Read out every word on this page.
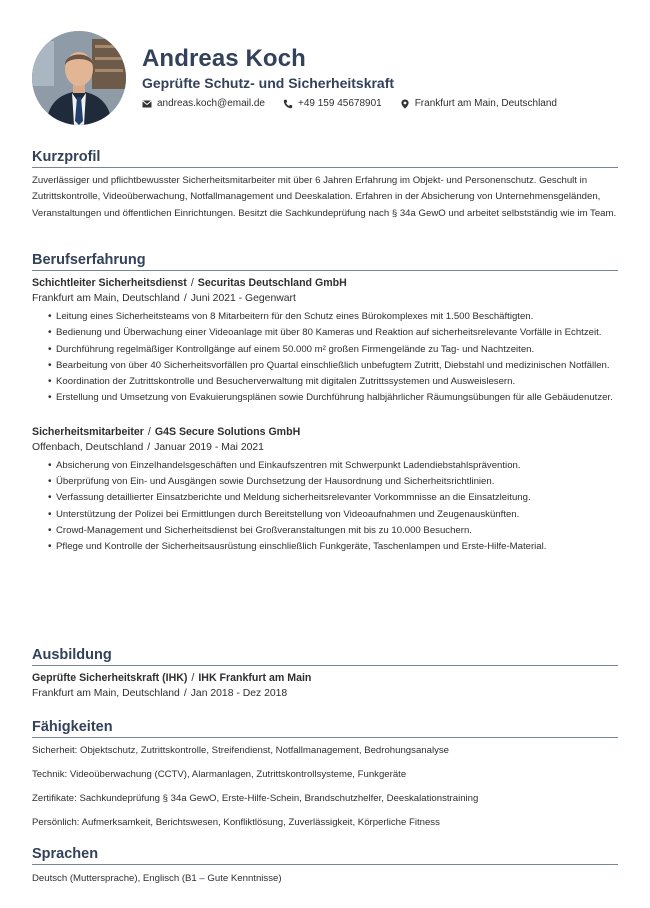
Andreas Koch
Geprüfte Schutz- und Sicherheitskraft
andreas.koch@email.de	+49 159 45678901	Frankfurt am Main, Deutschland
Kurzprofil
Zuverlässiger und pflichtbewusster Sicherheitsmitarbeiter mit über 6 Jahren Erfahrung im Objekt- und Personenschutz. Geschult in Zutrittskontrolle, Videoüberwachung, Notfallmanagement und Deeskalation. Erfahren in der Absicherung von Unternehmensgeländen, Veranstaltungen und öffentlichen Einrichtungen. Besitzt die Sachkundeprüfung nach § 34a GewO und arbeitet selbstständig wie im Team.
Berufserfahrung
Schichtleiter Sicherheitsdienst / Securitas Deutschland GmbH
Frankfurt am Main, Deutschland / Juni 2021 - Gegenwart
• Leitung eines Sicherheitsteams von 8 Mitarbeitern für den Schutz eines Bürokomplexes mit 1.500 Beschäftigten.
• Bedienung und Überwachung einer Videoanlage mit über 80 Kameras und Reaktion auf sicherheitsrelevante Vorfälle in Echtzeit.
• Durchführung regelmäßiger Kontrollgänge auf einem 50.000 m² großen Firmengelände zu Tag- und Nachtzeiten.
• Bearbeitung von über 40 Sicherheitsvorfällen pro Quartal einschließlich unbefugtem Zutritt, Diebstahl und medizinischen Notfällen.
• Koordination der Zutrittskontrolle und Besucherverwaltung mit digitalen Zutrittssystemen und Ausweislesern.
• Erstellung und Umsetzung von Evakuierungsplänen sowie Durchführung halbjährlicher Räumungsübungen für alle Gebäudenutzer.
Sicherheitsmitarbeiter / G4S Secure Solutions GmbH
Offenbach, Deutschland / Januar 2019 - Mai 2021
• Absicherung von Einzelhandelsgeschäften und Einkaufszentren mit Schwerpunkt Ladendiebstahlsprävention.
• Überprüfung von Ein- und Ausgängen sowie Durchsetzung der Hausordnung und Sicherheitsrichtlinien.
• Verfassung detaillierter Einsatzberichte und Meldung sicherheitsrelevanter Vorkommnisse an die Einsatzleitung.
• Unterstützung der Polizei bei Ermittlungen durch Bereitstellung von Videoaufnahmen und Zeugenauskünften.
• Crowd-Management und Sicherheitsdienst bei Großveranstaltungen mit bis zu 10.000 Besuchern.
• Pflege und Kontrolle der Sicherheitsausrüstung einschließlich Funkgeräte, Taschenlampen und Erste-Hilfe-Material.
Ausbildung
Geprüfte Sicherheitskraft (IHK) / IHK Frankfurt am Main
Frankfurt am Main, Deutschland / Jan 2018 - Dez 2018
Fähigkeiten
Sicherheit: Objektschutz, Zutrittskontrolle, Streifendienst, Notfallmanagement, Bedrohungsanalyse
Technik: Videoüberwachung (CCTV), Alarmanlagen, Zutrittskontrollsysteme, Funkgeräte
Zertifikate: Sachkundeprüfung § 34a GewO, Erste-Hilfe-Schein, Brandschutzhelfer, Deeskalationstraining
Persönlich: Aufmerksamkeit, Berichtswesen, Konfliktlösung, Zuverlässigkeit, Körperliche Fitness
Sprachen
Deutsch (Muttersprache), Englisch (B1 – Gute Kenntnisse)
